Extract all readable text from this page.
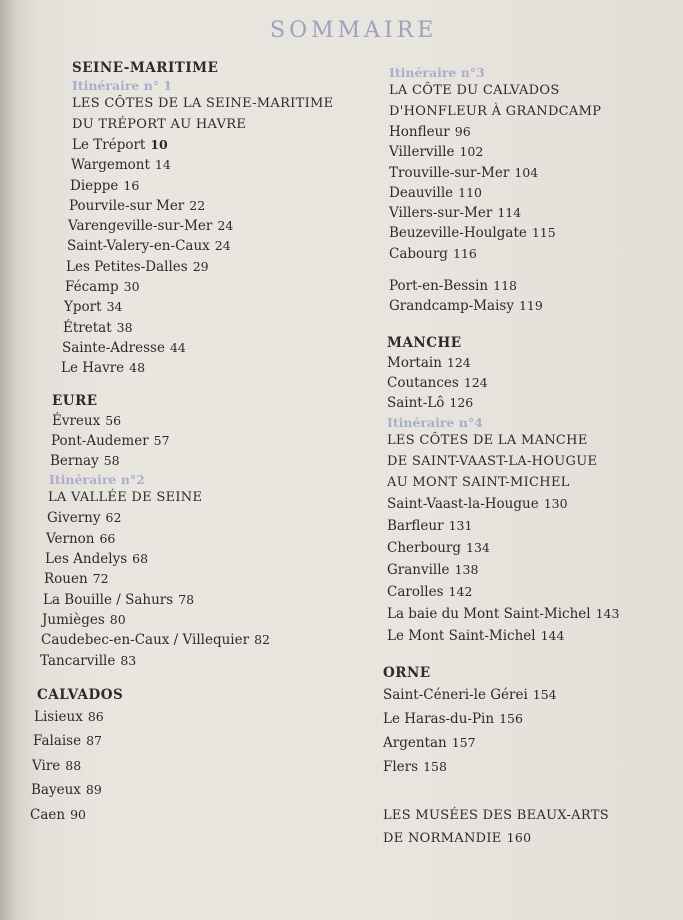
SOMMAIRE
SEINE-MARITIME
Itinéraire n° 1
LES CÔTES DE LA SEINE-MARITIME
DU TRÉPORT AU HAVRE
Le Tréport 10
Wargemont 14
Dieppe 16
Pourvile-sur Mer 22
Varengeville-sur-Mer 24
Saint-Valery-en-Caux 24
Les Petites-Dalles 29
Fécamp 30
Yport 34
Étretat 38
Sainte-Adresse 44
Le Havre 48
EURE
Évreux 56
Pont-Audemer 57
Bernay 58
Itinéraire n°2
LA VALLÉE DE SEINE
Giverny 62
Vernon 66
Les Andelys 68
Rouen 72
La Bouille / Sahurs 78
Jumièges 80
Caudebec-en-Caux / Villequier 82
Tancarville 83
CALVADOS
Lisieux 86
Falaise 87
Vire 88
Bayeux 89
Caen 90
Itinéraire n°3
LA CÔTE DU CALVADOS
D'HONFLEUR À GRANDCAMP
Honfleur 96
Villerville 102
Trouville-sur-Mer 104
Deauville 110
Villers-sur-Mer 114
Beuzeville-Houlgate 115
Cabourg 116
Port-en-Bessin 118
Grandcamp-Maisy 119
MANCHE
Mortain 124
Coutances 124
Saint-Lô 126
Itinéraire n°4
LES CÔTES DE LA MANCHE
DE SAINT-VAAST-LA-HOUGUE
AU MONT SAINT-MICHEL
Saint-Vaast-la-Hougue 130
Barfleur 131
Cherbourg 134
Granville 138
Carolles 142
La baie du Mont Saint-Michel 143
Le Mont Saint-Michel 144
ORNE
Saint-Céneri-le Gérei 154
Le Haras-du-Pin 156
Argentan 157
Flers 158
LES MUSÉES DES BEAUX-ARTS
DE NORMANDIE 160
